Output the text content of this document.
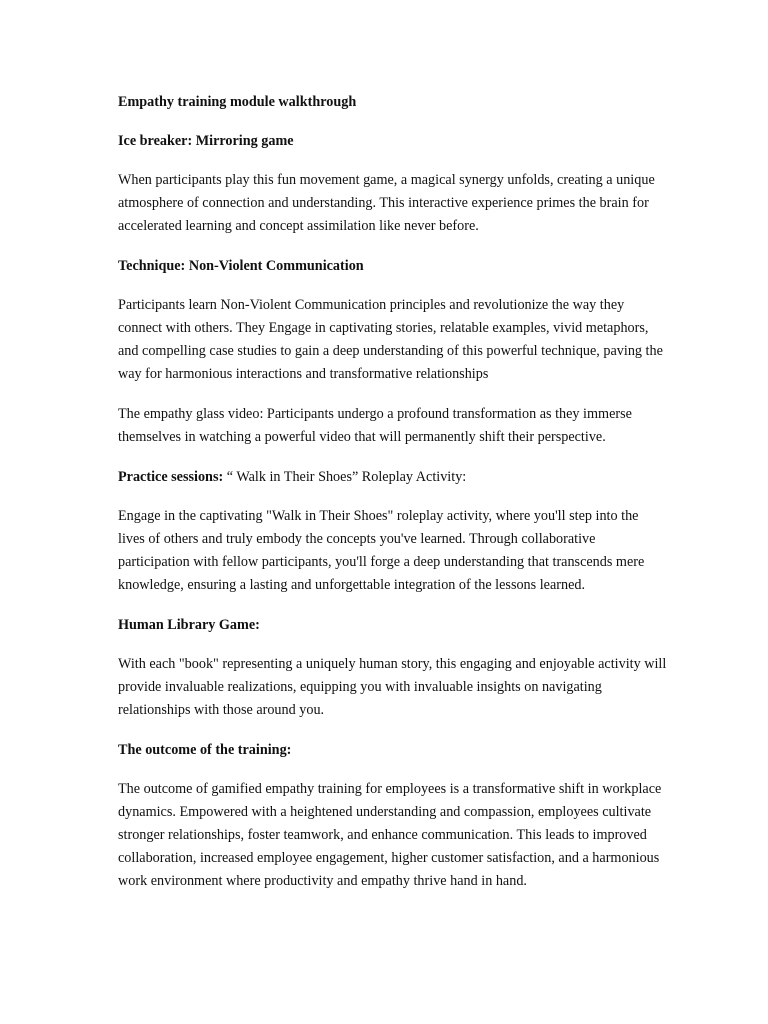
Empathy training module walkthrough

Ice breaker: Mirroring game

When participants play this fun movement game, a magical synergy unfolds, creating a unique atmosphere of connection and understanding. This interactive experience primes the brain for accelerated learning and concept assimilation like never before.

Technique: Non-Violent Communication

Participants learn Non-Violent Communication principles and revolutionize the way they connect with others. They Engage in captivating stories, relatable examples, vivid metaphors, and compelling case studies to gain a deep understanding of this powerful technique, paving the way for harmonious interactions and transformative relationships

The empathy glass video: Participants undergo a profound transformation as they immerse themselves in watching a powerful video that will permanently shift their perspective.

Practice sessions: “ Walk in Their Shoes” Roleplay Activity:

Engage in the captivating "Walk in Their Shoes" roleplay activity, where you'll step into the lives of others and truly embody the concepts you've learned. Through collaborative participation with fellow participants, you'll forge a deep understanding that transcends mere knowledge, ensuring a lasting and unforgettable integration of the lessons learned.

Human Library Game:

With each "book" representing a uniquely human story, this engaging and enjoyable activity will provide invaluable realizations, equipping you with invaluable insights on navigating relationships with those around you.

The outcome of the training:

The outcome of gamified empathy training for employees is a transformative shift in workplace dynamics. Empowered with a heightened understanding and compassion, employees cultivate stronger relationships, foster teamwork, and enhance communication. This leads to improved collaboration, increased employee engagement, higher customer satisfaction, and a harmonious work environment where productivity and empathy thrive hand in hand.
